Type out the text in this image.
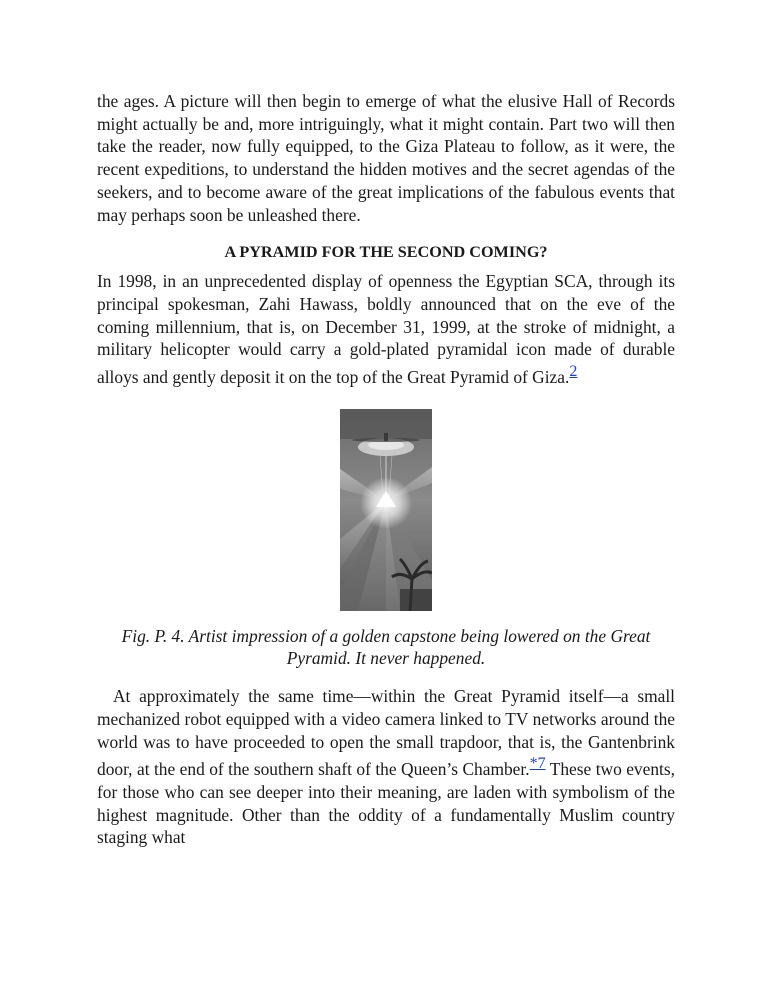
the ages. A picture will then begin to emerge of what the elusive Hall of Records might actually be and, more intriguingly, what it might contain. Part two will then take the reader, now fully equipped, to the Giza Plateau to follow, as it were, the recent expeditions, to understand the hidden motives and the secret agendas of the seekers, and to become aware of the great implications of the fabulous events that may perhaps soon be unleashed there.

A PYRAMID FOR THE SECOND COMING?

In 1998, in an unprecedented display of openness the Egyptian SCA, through its principal spokesman, Zahi Hawass, boldly announced that on the eve of the coming millennium, that is, on December 31, 1999, at the stroke of midnight, a military helicopter would carry a gold-plated pyramidal icon made of durable alloys and gently deposit it on the top of the Great Pyramid of Giza.2

Fig. P. 4. Artist impression of a golden capstone being lowered on the Great Pyramid. It never happened.

At approximately the same time—within the Great Pyramid itself—a small mechanized robot equipped with a video camera linked to TV networks around the world was to have proceeded to open the small trapdoor, that is, the Gantenbrink door, at the end of the southern shaft of the Queen’s Chamber.*7 These two events, for those who can see deeper into their meaning, are laden with symbolism of the highest magnitude. Other than the oddity of a fundamentally Muslim country staging what
